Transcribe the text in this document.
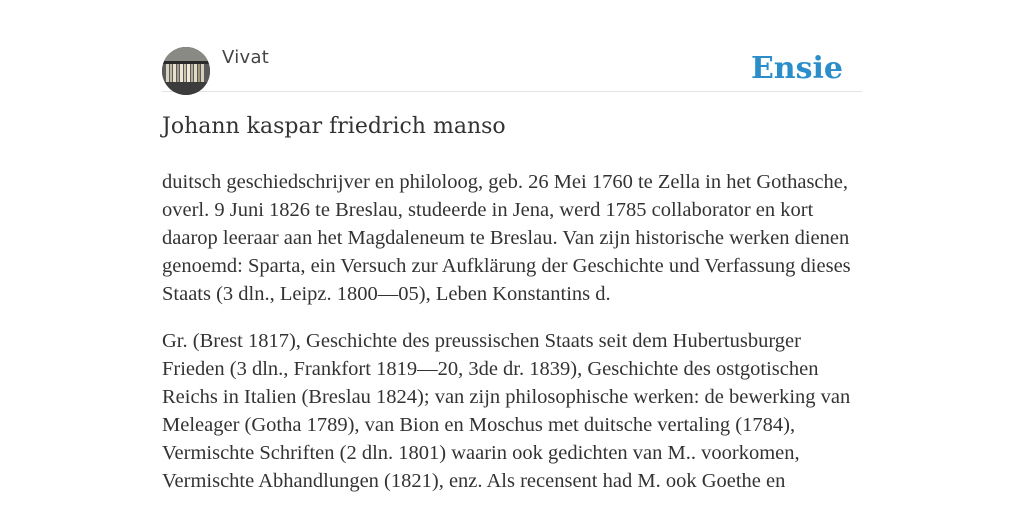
Vivat	Ensie
Johann kaspar friedrich manso

duitsch geschiedschrijver en philoloog, geb. 26 Mei 1760 te Zella in het Gothasche, overl. 9 Juni 1826 te Breslau, studeerde in Jena, werd 1785 collaborator en kort daarop leeraar aan het Magdaleneum te Breslau. Van zijn historische werken dienen genoemd: Sparta, ein Versuch zur Aufklärung der Geschichte und Verfassung dieses Staats (3 dln., Leipz. 1800—05), Leben Konstantins d.

Gr. (Brest 1817), Geschichte des preussischen Staats seit dem Hubertusburger Frieden (3 dln., Frankfort 1819—20, 3de dr. 1839), Geschichte des ostgotischen Reichs in Italien (Breslau 1824); van zijn philosophische werken: de bewerking van Meleager (Gotha 1789), van Bion en Moschus met duitsche vertaling (1784), Vermischte Schriften (2 dln. 1801) waarin ook gedichten van M.. voorkomen, Vermischte Abhandlungen (1821), enz. Als recensent had M. ook Goethe en
